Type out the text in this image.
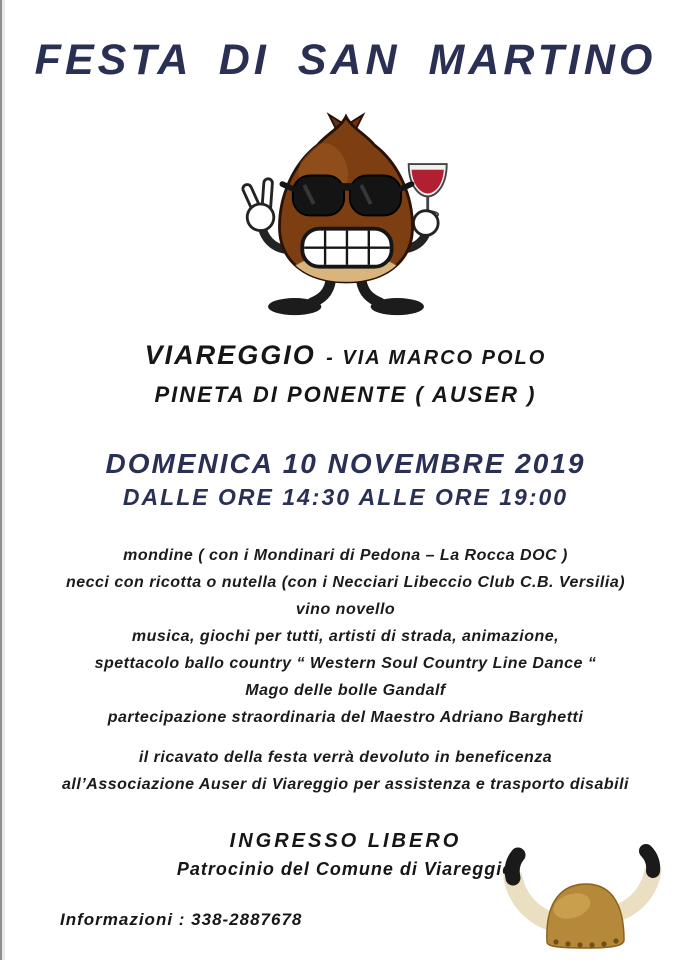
FESTA DI SAN MARTINO
VIAREGGIO - VIA MARCO POLO
PINETA DI PONENTE ( AUSER )
DOMENICA 10 NOVEMBRE 2019
DALLE ORE 14:30 ALLE ORE 19:00
mondine ( con i Mondinari di Pedona – La Rocca DOC )
necci con ricotta o nutella (con i Necciari Libeccio Club C.B. Versilia)
vino novello
musica, giochi per tutti, artisti di strada, animazione,
spettacolo ballo country “ Western Soul Country Line Dance “
Mago delle bolle Gandalf
partecipazione straordinaria del Maestro Adriano Barghetti
il ricavato della festa verrà devoluto in beneficenza
all’Associazione Auser di Viareggio per assistenza e trasporto disabili
INGRESSO LIBERO
Patrocinio del Comune di Viareggio
Informazioni : 338-2887678
